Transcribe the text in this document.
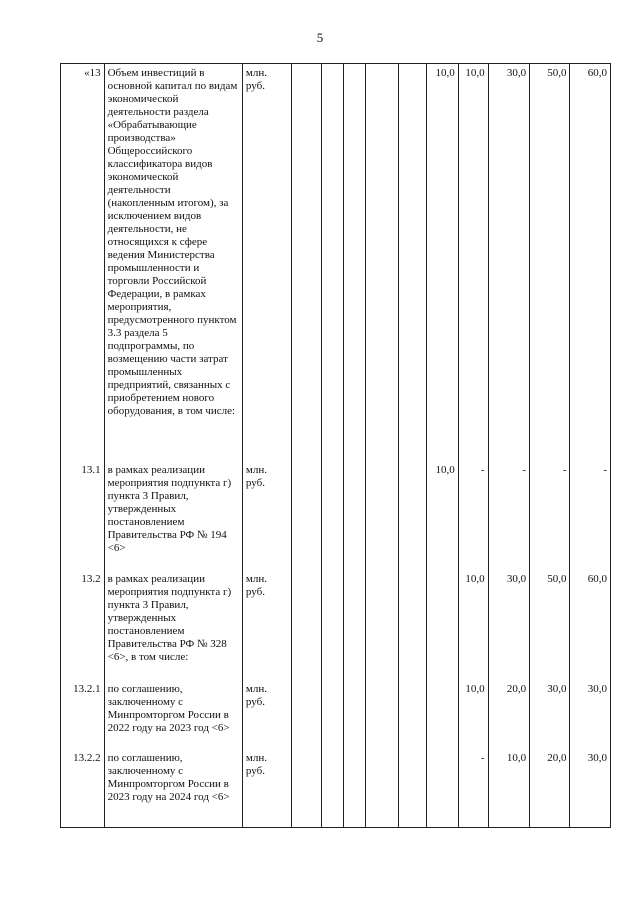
5
«13	Объем инвестиций в основной капитал по видам экономической деятельности раздела «Обрабатывающие производства» Общероссийского классификатора видов экономической деятельности (накопленным итогом), за исключением видов деятельности, не относящихся к сфере ведения Министерства промышленности и торговли Российской Федерации, в рамках мероприятия, предусмотренного пунктом 3.3 раздела 5 подпрограммы, по возмещению части затрат промышленных предприятий, связанных с приобретением нового оборудования, в том числе:	млн. руб.						10,0	10,0	30,0	50,0	60,0
13.1	в рамках реализации мероприятия подпункта г) пункта 3 Правил, утвержденных постановлением Правительства РФ № 194 <6>	млн. руб.						10,0	-	-	-	-
13.2	в рамках реализации мероприятия подпункта г) пункта 3 Правил, утвержденных постановлением Правительства РФ № 328 <6>, в том числе:	млн. руб.							10,0	30,0	50,0	60,0
13.2.1	по соглашению, заключенному с Минпромторгом России в 2022 году на 2023 год <6>	млн. руб.							10,0	20,0	30,0	30,0
13.2.2	по соглашению, заключенному с Минпромторгом России в 2023 году на 2024 год <6>	млн. руб.							-	10,0	20,0	30,0
